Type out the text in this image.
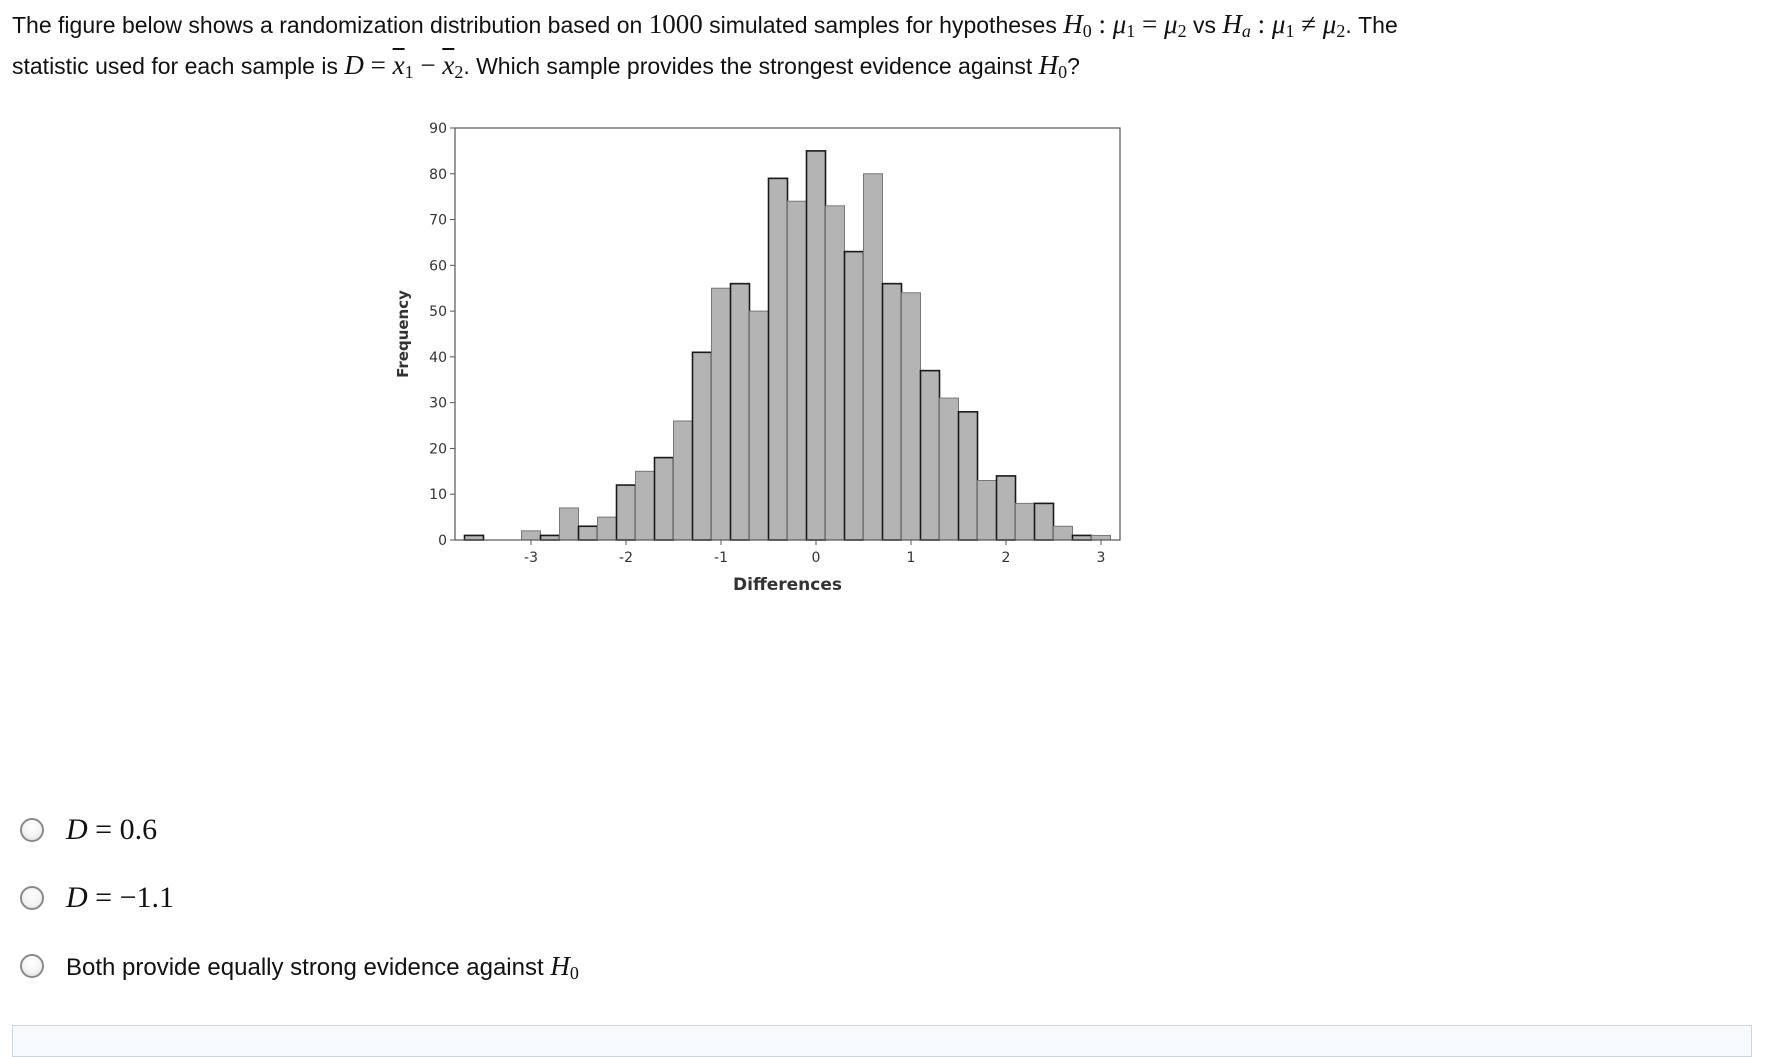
The figure below shows a randomization distribution based on 1000 simulated samples for hypotheses $H_0$ : $\mu_1 = \mu_2$ vs $H_a$ : $\mu_1 \ne \mu_2$. The
statistic used for each sample is $D = \overline{x}_1 - \overline{x}_2$. Which sample provides the strongest evidence against $H_0$?
0
10
20
30
40
50
60
70
80
90
-3	-2	-1	0	1	2	3
Differences
Frequency
D = 0.6
D = −1.1
Both provide equally strong evidence against $H_0$
